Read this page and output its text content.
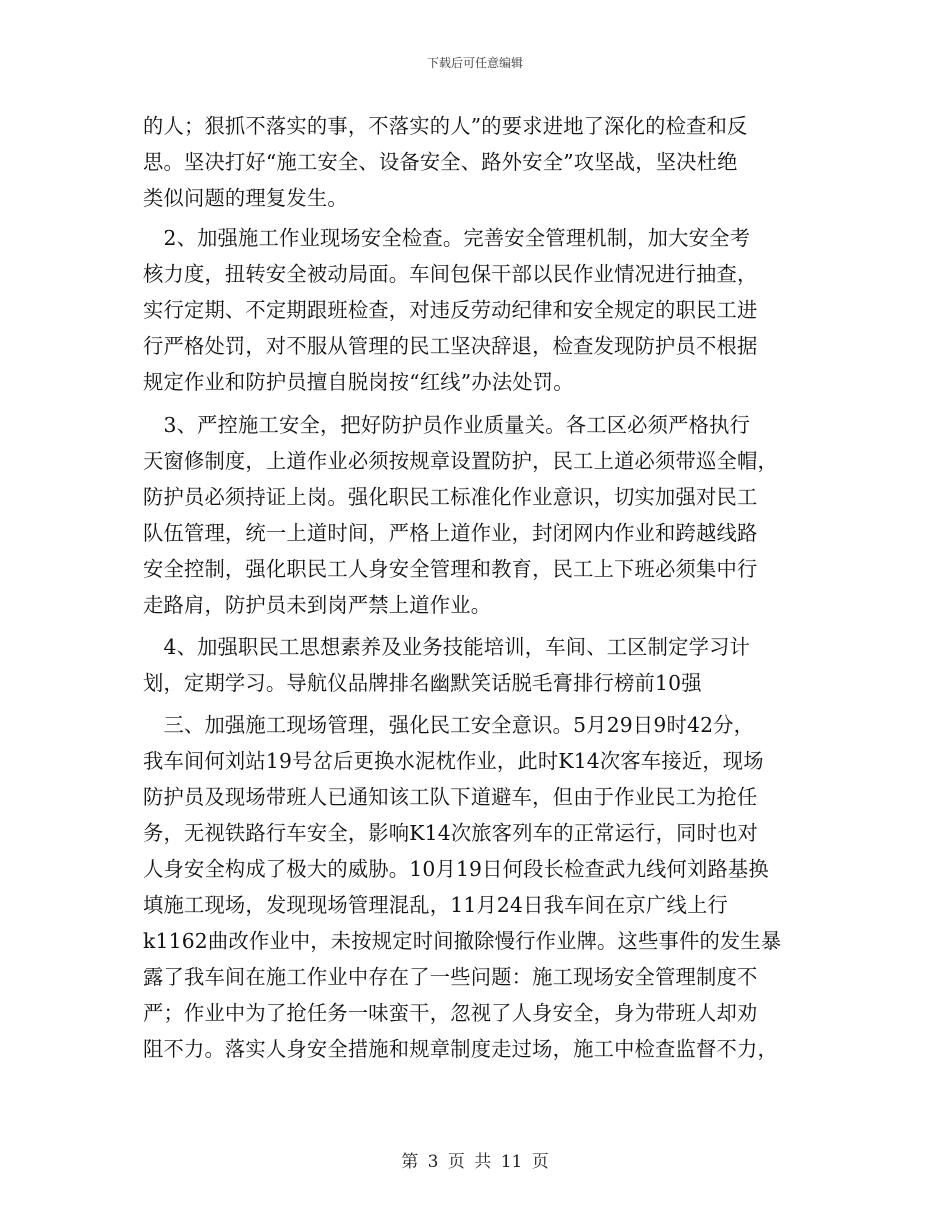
下载后可任意编辑
的人；狠抓不落实的事，不落实的人”的要求进地了深化的检查和反
思。坚决打好“施工安全、设备安全、路外安全”攻坚战，坚决杜绝
类似问题的理复发生。
　2、加强施工作业现场安全检查。完善安全管理机制，加大安全考
核力度，扭转安全被动局面。车间包保干部以民作业情况进行抽查，
实行定期、不定期跟班检查，对违反劳动纪律和安全规定的职民工进
行严格处罚，对不服从管理的民工坚决辞退，检查发现防护员不根据
规定作业和防护员擅自脱岗按“红线”办法处罚。
　3、严控施工安全，把好防护员作业质量关。各工区必须严格执行
天窗修制度，上道作业必须按规章设置防护，民工上道必须带巡全帽，
防护员必须持证上岗。强化职民工标准化作业意识，切实加强对民工
队伍管理，统一上道时间，严格上道作业，封闭网内作业和跨越线路
安全控制，强化职民工人身安全管理和教育，民工上下班必须集中行
走路肩，防护员未到岗严禁上道作业。
　4、加强职民工思想素养及业务技能培训，车间、工区制定学习计
划，定期学习。导航仪品牌排名幽默笑话脱毛膏排行榜前10强
　三、加强施工现场管理，强化民工安全意识。5月29日9时42分，
我车间何刘站19号岔后更换水泥枕作业，此时K14次客车接近，现场
防护员及现场带班人已通知该工队下道避车，但由于作业民工为抢任
务，无视铁路行车安全，影响K14次旅客列车的正常运行，同时也对
人身安全构成了极大的威胁。10月19日何段长检查武九线何刘路基换
填施工现场，发现现场管理混乱，11月24日我车间在京广线上行
k1162曲改作业中，未按规定时间撤除慢行作业牌。这些事件的发生暴
露了我车间在施工作业中存在了一些问题：施工现场安全管理制度不
严；作业中为了抢任务一味蛮干，忽视了人身安全，身为带班人却劝
阻不力。落实人身安全措施和规章制度走过场，施工中检查监督不力，
第 3 页 共 11 页
